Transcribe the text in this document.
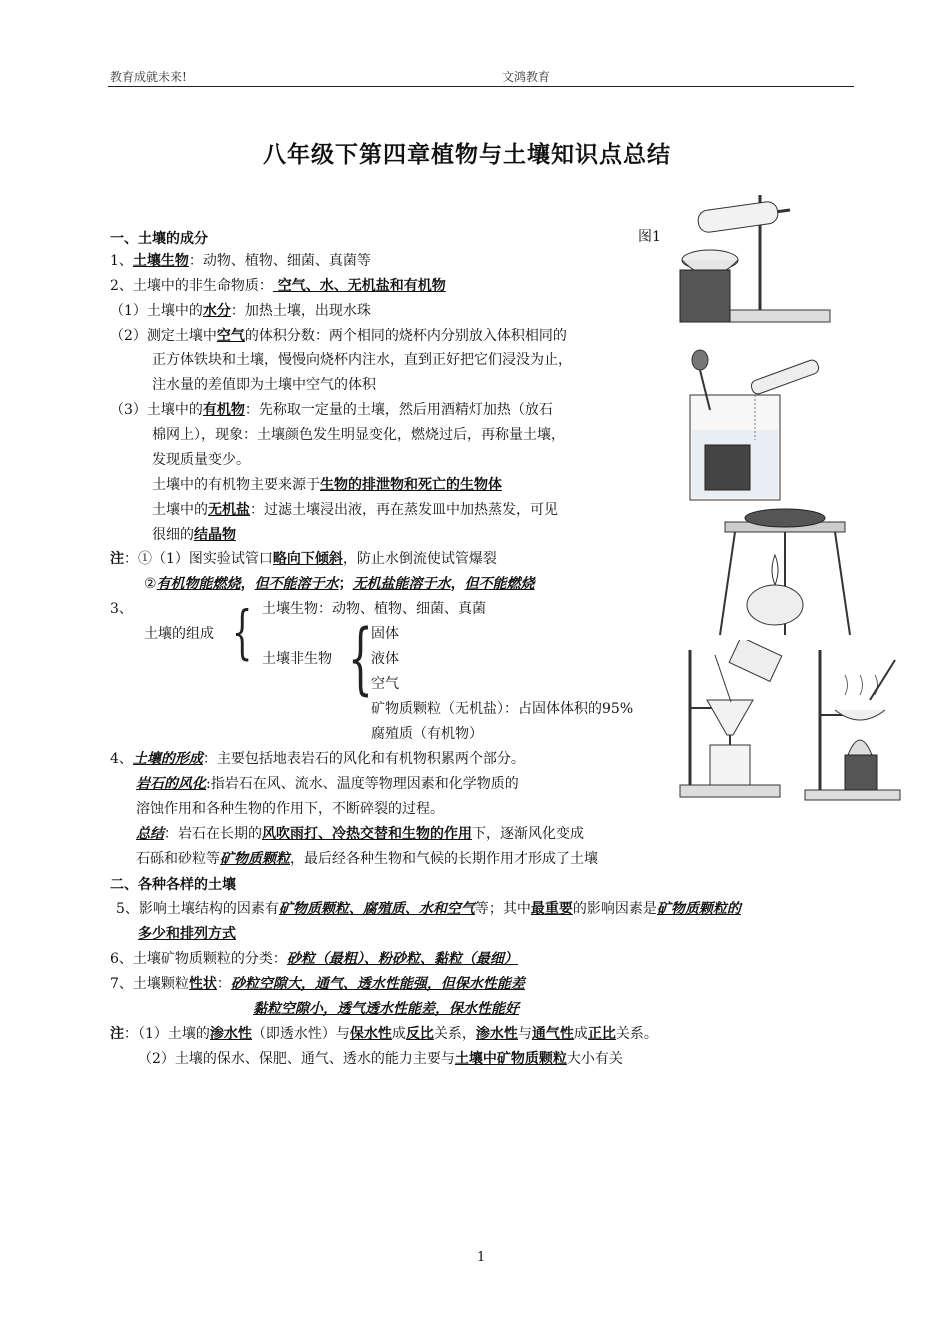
教育成就未来!	文鸿教育
八年级下第四章植物与土壤知识点总结
图1
一、土壤的成分
1、土壤生物：动物、植物、细菌、真菌等
2、土壤中的非生命物质： 空气、水、无机盐和有机物
（1）土壤中的水分：加热土壤，出现水珠
（2）测定土壤中空气的体积分数：两个相同的烧杯内分别放入体积相同的
正方体铁块和土壤，慢慢向烧杯内注水，直到正好把它们浸没为止，
注水量的差值即为土壤中空气的体积
（3）土壤中的有机物：先称取一定量的土壤，然后用酒精灯加热（放石
棉网上），现象：土壤颜色发生明显变化，燃烧过后，再称量土壤，
发现质量变少。
土壤中的有机物主要来源于生物的排泄物和死亡的生物体
土壤中的无机盐：过滤土壤浸出液，再在蒸发皿中加热蒸发，可见
很细的结晶物
注：①（1）图实验试管口略向下倾斜，防止水倒流使试管爆裂
②有机物能燃烧，但不能溶于水；无机盐能溶于水，但不能燃烧
3、
土壤的组成 { 土壤生物：动物、植物、细菌、真菌
土壤非生物 {
固体
液体
空气
矿物质颗粒（无机盐）：占固体体积的95%
腐殖质（有机物）
4、土壤的形成：主要包括地表岩石的风化和有机物积累两个部分。
岩石的风化:指岩石在风、流水、温度等物理因素和化学物质的
溶蚀作用和各种生物的作用下，不断碎裂的过程。
总结：岩石在长期的风吹雨打、冷热交替和生物的作用下，逐渐风化变成
石砾和砂粒等矿物质颗粒，最后经各种生物和气候的长期作用才形成了土壤
二、各种各样的土壤
5、影响土壤结构的因素有矿物质颗粒、腐殖质、水和空气等；其中最重要的影响因素是矿物质颗粒的
多少和排列方式
6、土壤矿物质颗粒的分类：砂粒（最粗）、粉砂粒、黏粒（最细）
7、土壤颗粒性状：砂粒空隙大，通气、透水性能强，但保水性能差
黏粒空隙小，透气透水性能差，保水性能好
注：（1）土壤的渗水性（即透水性）与保水性成反比关系，渗水性与通气性成正比关系。
（2）土壤的保水、保肥、通气、透水的能力主要与土壤中矿物质颗粒大小有关
1
